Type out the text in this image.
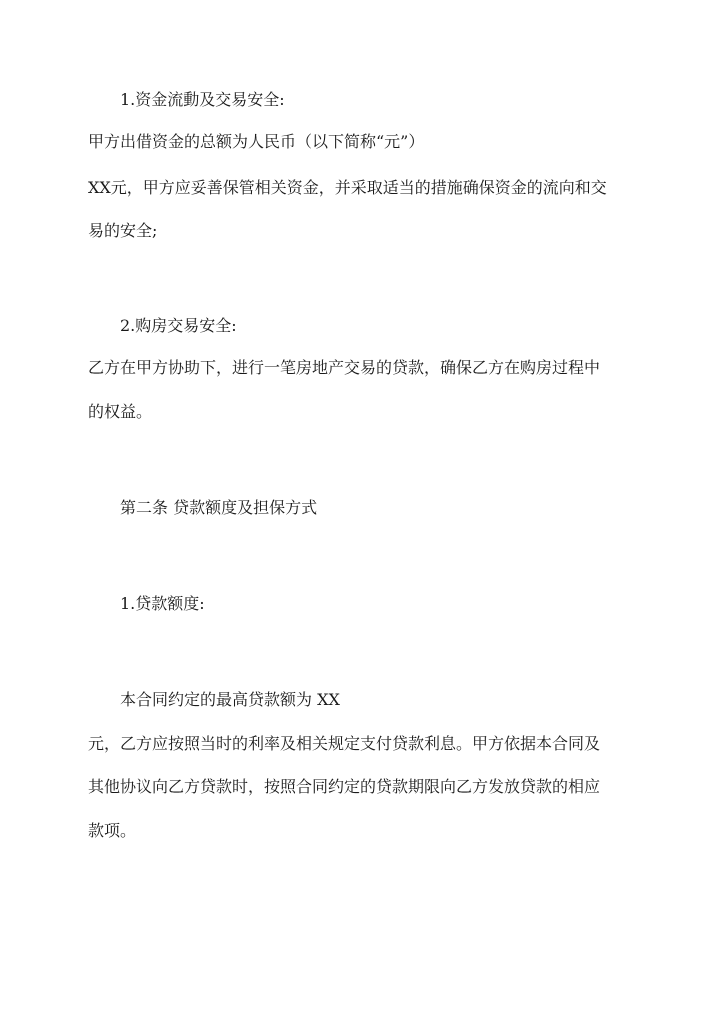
1.资金流動及交易安全:
甲方出借资金的总额为人民币（以下简称“元”）
XX元，甲方应妥善保管相关资金，并采取适当的措施确保资金的流向和交
易的安全;
2.购房交易安全:
乙方在甲方协助下，进行一笔房地产交易的贷款，确保乙方在购房过程中
的权益。
第二条 贷款额度及担保方式
1.贷款额度:
本合同约定的最高贷款额为 XX
元，乙方应按照当时的利率及相关规定支付贷款利息。甲方依据本合同及
其他协议向乙方贷款时，按照合同约定的贷款期限向乙方发放贷款的相应
款项。
